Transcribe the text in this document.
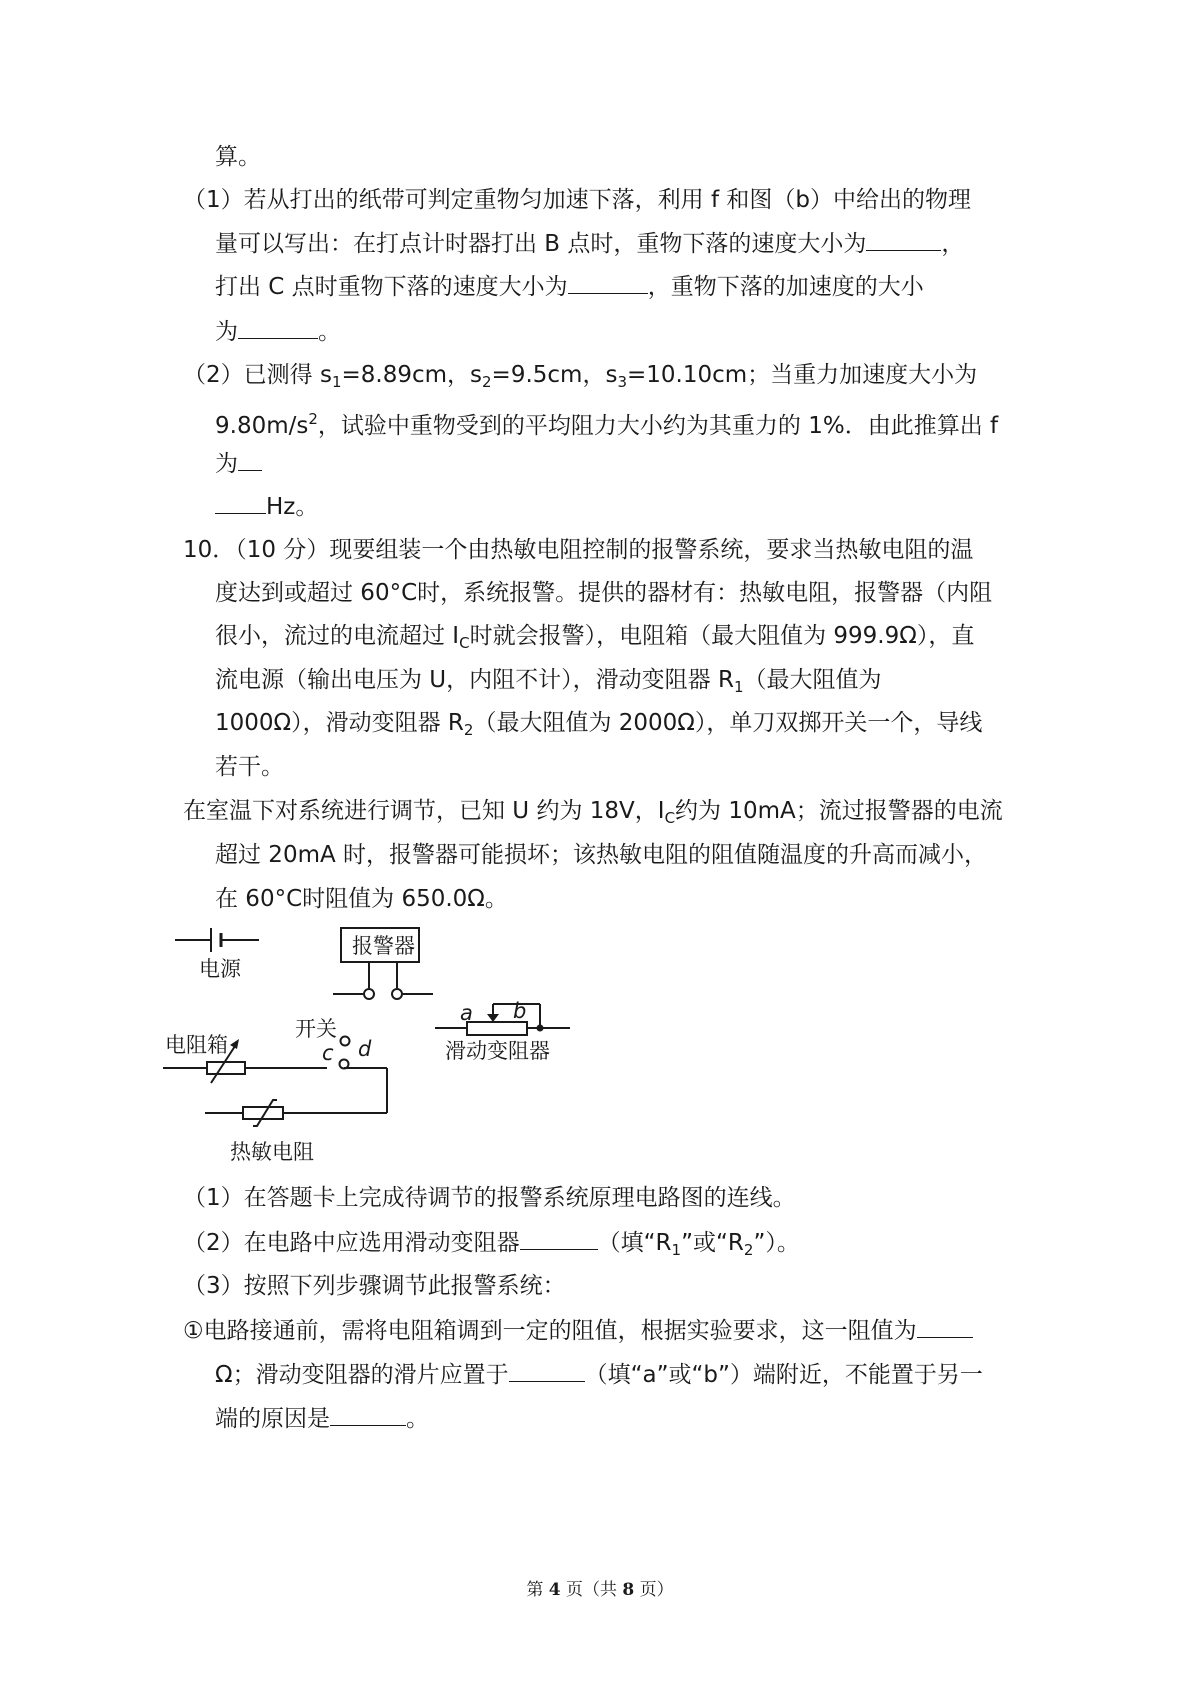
算。
（1）若从打出的纸带可判定重物匀加速下落，利用 f 和图（b）中给出的物理
量可以写出：在打点计时器打出 B 点时，重物下落的速度大小为	，
打出 C 点时重物下落的速度大小为	，重物下落的加速度的大小
为	。
（2）已测得 $s_1=8.89cm$，$s_2=9.5cm$，$s_3=10.10cm$；当重力加速度大小为
$9.80m/s^2$，试验中重物受到的平均阻力大小约为其重力的 1%．由此推算出 f
为
Hz。
10．（10 分）现要组装一个由热敏电阻控制的报警系统，要求当热敏电阻的温
度达到或超过 60°C时，系统报警。提供的器材有：热敏电阻，报警器（内阻
很小，流过的电流超过 $I_C$时就会报警），电阻箱（最大阻值为 999.9Ω），直
流电源（输出电压为 U，内阻不计），滑动变阻器 $R_1$（最大阻值为
1000Ω），滑动变阻器 $R_2$（最大阻值为 2000Ω），单刀双掷开关一个，导线
若干。
在室温下对系统进行调节，已知 U 约为 18V，$I_C$约为 10mA；流过报警器的电流
超过 20mA 时，报警器可能损坏；该热敏电阻的阻值随温度的升高而减小，
在 60°C时阻值为 650.0Ω。
电源
报警器
开关
电阻箱	滑动变阻器
热敏电阻
a b
c d
（1）在答题卡上完成待调节的报警系统原理电路图的连线。
（2）在电路中应选用滑动变阻器	（填“$R_1$”或“$R_2$”）。
（3）按照下列步骤调节此报警系统：
①电路接通前，需将电阻箱调到一定的阻值，根据实验要求，这一阻值为
Ω；滑动变阻器的滑片应置于	（填“a”或“b”）端附近，不能置于另一
端的原因是	。
第 4 页（共 8 页）
